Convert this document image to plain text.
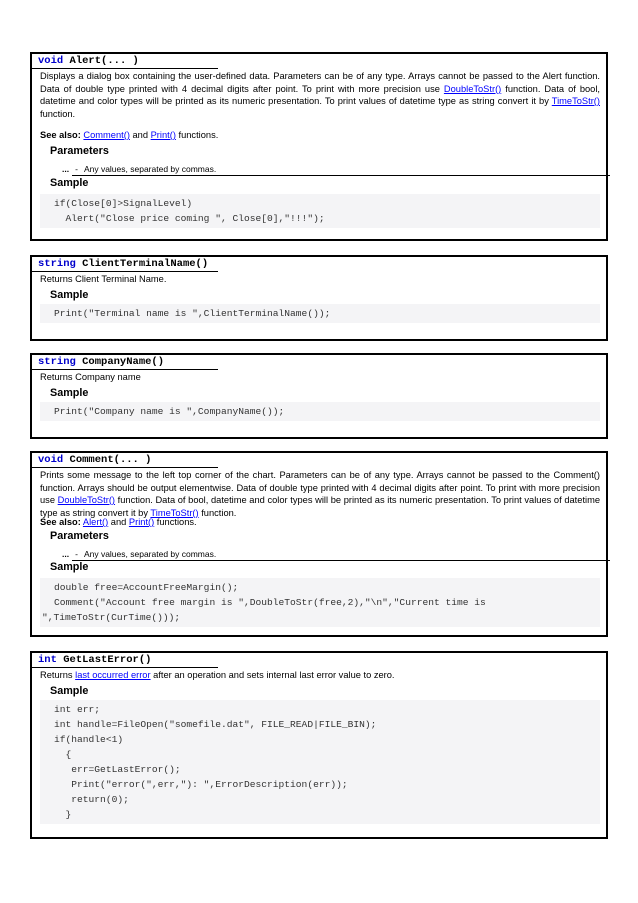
void Alert(... )
Displays a dialog box containing the user-defined data. Parameters can be of any type. Arrays cannot be passed to the Alert function. Data of double type printed with 4 decimal digits after point. To print with more precision use DoubleToStr() function. Data of bool, datetime and color types will be printed as its numeric presentation. To print values of datetime type as string convert it by TimeToStr() function.
See also: Comment() and Print() functions.
Parameters
... - Any values, separated by commas.
Sample
if(Close[0]>SignalLevel)
Alert("Close price coming ", Close[0],"!!!");
string ClientTerminalName()
Returns Client Terminal Name.
Sample
Print("Terminal name is ",ClientTerminalName());
string CompanyName()
Returns Company name
Sample
Print("Company name is ",CompanyName());
void Comment(... )
Prints some message to the left top corner of the chart. Parameters can be of any type. Arrays cannot be passed to the Comment() function. Arrays should be output elementwise. Data of double type printed with 4 decimal digits after point. To print with more precision use DoubleToStr() function. Data of bool, datetime and color types will be printed as its numeric presentation. To print values of datetime type as string convert it by TimeToStr() function.
See also: Alert() and Print() functions.
Parameters
... - Any values, separated by commas.
Sample
double free=AccountFreeMargin();
Comment("Account free margin is ",DoubleToStr(free,2),"\n","Current time is
",TimeToStr(CurTime()));
int GetLastError()
Returns last occurred error after an operation and sets internal last error value to zero.
Sample
int err;
int handle=FileOpen("somefile.dat", FILE_READ|FILE_BIN);
if(handle<1)
{
err=GetLastError();
Print("error(",err,"): ",ErrorDescription(err));
return(0);
}
